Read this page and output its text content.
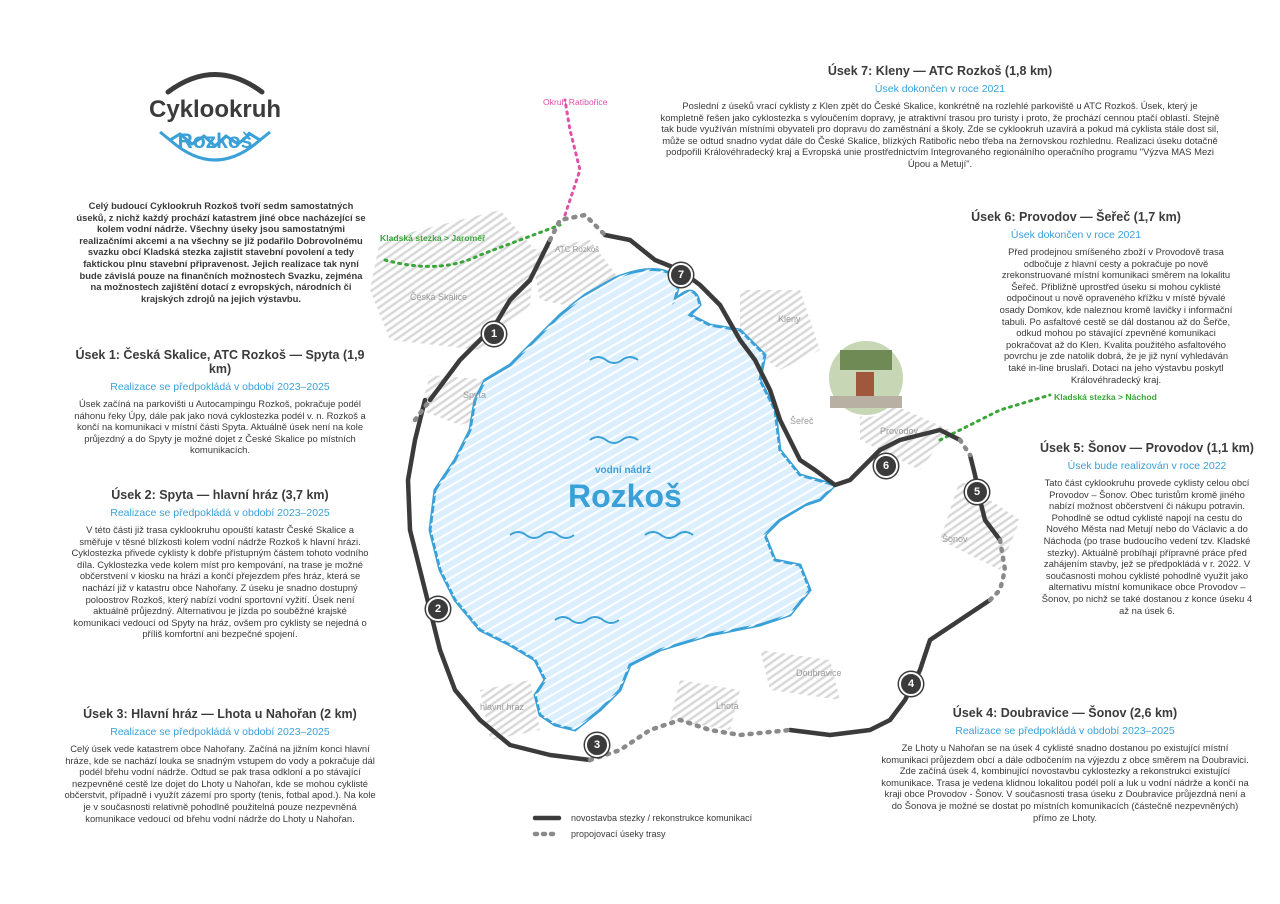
Cyklookruh
Rozkoš
Celý budoucí Cyklookruh Rozkoš tvoří sedm samostatných úseků, z nichž každý prochází katastrem jiné obce nacházející se kolem vodní nádrže. Všechny úseky jsou samostatnými realizačními akcemi a na všechny se již podařilo Dobrovolnému svazku obcí Kladská stezka zajistit stavební povolení a tedy faktickou plnu stavební připravenost. Jejich realizace tak nyní bude závislá pouze na finančních možnostech Svazku, zejména na možnostech zajištění dotací z evropských, národních či krajských zdrojů na jejich výstavbu.
Úsek 1: Česká Skalice, ATC Rozkoš — Spyta (1,9 km)
Realizace se předpokládá v období 2023–2025
Úsek začíná na parkovišti u Autocampingu Rozkoš, pokračuje podél náhonu řeky Úpy, dále pak jako nová cyklostezka podél v. n. Rozkoš a končí na komunikaci v místní části Spyta. Aktuálně úsek není na kole průjezdný a do Spyty je možné dojet z České Skalice po místních komunikacích.
Úsek 2: Spyta — hlavní hráz (3,7 km)
Realizace se předpokládá v období 2023–2025
V této části již trasa cyklookruhu opouští katastr České Skalice a směřuje v těsné blízkosti kolem vodní nádrže Rozkoš k hlavní hrázi. Cyklostezka přivede cyklisty k dobře přístupným částem tohoto vodního díla. Cyklostezka vede kolem míst pro kempování, na trase je možné občerstvení v kiosku na hrázi a končí přejezdem přes hráz, která se nachází již v katastru obce Nahořany. Z úseku je snadno dostupný poloostrov Rozkoš, který nabízí vodní sportovní vyžití. Úsek není aktuálně průjezdný. Alternativou je jízda po souběžné krajské komunikaci vedoucí od Spyty na hráz, ovšem pro cyklisty se nejedná o příliš komfortní ani bezpečné spojení.
Úsek 3: Hlavní hráz — Lhota u Nahořan (2 km)
Realizace se předpokládá v období 2023–2025
Celý úsek vede katastrem obce Nahořany. Začíná na jižním konci hlavní hráze, kde se nachází louka se snadným vstupem do vody a pokračuje dál podél břehu vodní nádrže. Odtud se pak trasa odkloní a po stávající nezpevněné cestě lze dojet do Lhoty u Nahořan, kde se mohou cyklisté občerstvit, případně i využít zázemí pro sporty (tenis, fotbal apod.). Na kole je v současnosti relativně pohodlně použitelná pouze nezpevněná komunikace vedoucí od břehu vodní nádrže do Lhoty u Nahořan.
Úsek 7: Kleny — ATC Rozkoš (1,8 km)
Úsek dokončen v roce 2021
Poslední z úseků vrací cyklisty z Klen zpět do České Skalice, konkrétně na rozlehlé parkoviště u ATC Rozkoš. Úsek, který je kompletně řešen jako cyklostezka s vyloučením dopravy, je atraktivní trasou pro turisty i proto, že prochází cennou ptačí oblastí. Stejně tak bude využíván místními obyvateli pro dopravu do zaměstnání a školy. Zde se cyklookruh uzavírá a pokud má cyklista stále dost sil, může se odtud snadno vydat dále do České Skalice, blízkých Ratibořic nebo třeba na žernovskou rozhlednu. Realizaci úseku dotačně podpořili Královéhradecký kraj a Evropská unie prostřednictvím Integrovaného regionálního operačního programu "Výzva MAS Mezi Úpou a Metují".
Úsek 6: Provodov — Šeřeč (1,7 km)
Úsek dokončen v roce 2021
Před prodejnou smíšeného zboží v Provodově trasa odbočuje z hlavní cesty a pokračuje po nově zrekonstruované místní komunikaci směrem na lokalitu Šeřeč. Přibližně uprostřed úseku si mohou cyklisté odpočinout u nově opraveného křížku v místě bývalé osady Domkov, kde naleznou kromě lavičky i informační tabuli. Po asfaltové cestě se dál dostanou až do Šeřče, odkud mohou po stávající zpevněné komunikaci pokračovat až do Klen. Kvalita použitého asfaltového povrchu je zde natolik dobrá, že je již nyní vyhledáván také in-line bruslaři. Dotaci na jeho výstavbu poskytl Královéhradecký kraj.
Úsek 5: Šonov — Provodov (1,1 km)
Úsek bude realizován v roce 2022
Tato část cyklookruhu provede cyklisty celou obcí Provodov – Šonov. Obec turistům kromě jiného nabízí možnost občerstvení či nákupu potravin. Pohodlně se odtud cyklisté napojí na cestu do Nového Města nad Metují nebo do Václavic a do Náchoda (po trase budoucího vedení tzv. Kladské stezky). Aktuálně probíhají přípravné práce před zahájením stavby, jež se předpokládá v r. 2022. V současnosti mohou cyklisté pohodlně využít jako alternativu místní komunikace obce Provodov – Šonov, po nichž se také dostanou z konce úseku 4 až na úsek 6.
Úsek 4: Doubravice — Šonov (2,6 km)
Realizace se předpokládá v období 2023–2025
Ze Lhoty u Nahořan se na úsek 4 cyklisté snadno dostanou po existující místní komunikaci průjezdem obcí a dále odbočením na výjezdu z obce směrem na Doubravici. Zde začíná úsek 4, kombinující novostavbu cyklostezky a rekonstrukci existující komunikace. Trasa je vedena klidnou lokalitou podél polí a luk u vodní nádrže a končí na kraji obce Provodov - Šonov. V současnosti trasa úseku z Doubravice průjezdná není a do Šonova je možné se dostat po místních komunikacích (částečně nezpevněných) přímo ze Lhoty.
Česká Skalice
ATC Rozkoš
Spyta
Kleny
Šeřeč
Provodov
Šonov
Doubravice
Lhota
hlavní hráz
vodní nádrž
Rozkoš
Kladská stezka > Jaroměř
Kladská stezka > Náchod
Okruh Ratibořice
1
2
3
4
5
6
7
novostavba stezky / rekonstrukce komunikací
propojovací úseky trasy
